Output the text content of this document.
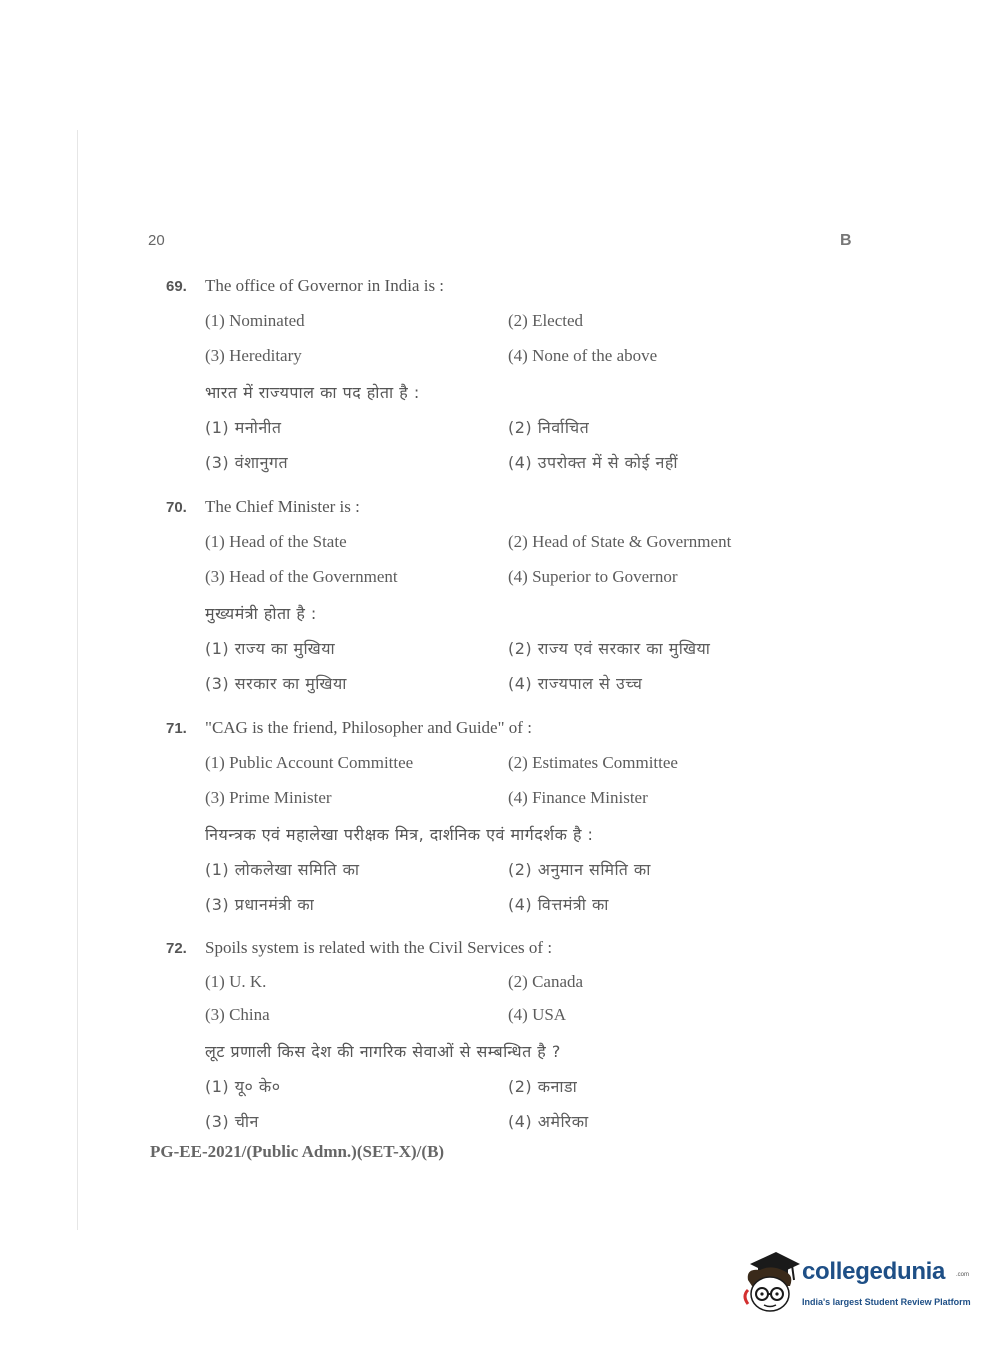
20	B
69. The office of Governor in India is :
(1) Nominated	(2) Elected
(3) Hereditary	(4) None of the above
भारत में राज्यपाल का पद होता है :
(1) मनोनीत	(2) निर्वाचित
(3) वंशानुगत	(4) उपरोक्त में से कोई नहीं
70. The Chief Minister is :
(1) Head of the State	(2) Head of State & Government
(3) Head of the Government	(4) Superior to Governor
मुख्यमंत्री होता है :
(1) राज्य का मुखिया	(2) राज्य एवं सरकार का मुखिया
(3) सरकार का मुखिया	(4) राज्यपाल से उच्च
71. "CAG is the friend, Philosopher and Guide" of :
(1) Public Account Committee	(2) Estimates Committee
(3) Prime Minister	(4) Finance Minister
नियन्त्रक एवं महालेखा परीक्षक मित्र, दार्शनिक एवं मार्गदर्शक है :
(1) लोकलेखा समिति का	(2) अनुमान समिति का
(3) प्रधानमंत्री का	(4) वित्तमंत्री का
72. Spoils system is related with the Civil Services of :
(1) U. K.	(2) Canada
(3) China	(4) USA
लूट प्रणाली किस देश की नागरिक सेवाओं से सम्बन्धित है ?
(1) यू० के०	(2) कनाडा
(3) चीन	(4) अमेरिका
PG-EE-2021/(Public Admn.)(SET-X)/(B)
collegedunia .com
India's largest Student Review Platform
